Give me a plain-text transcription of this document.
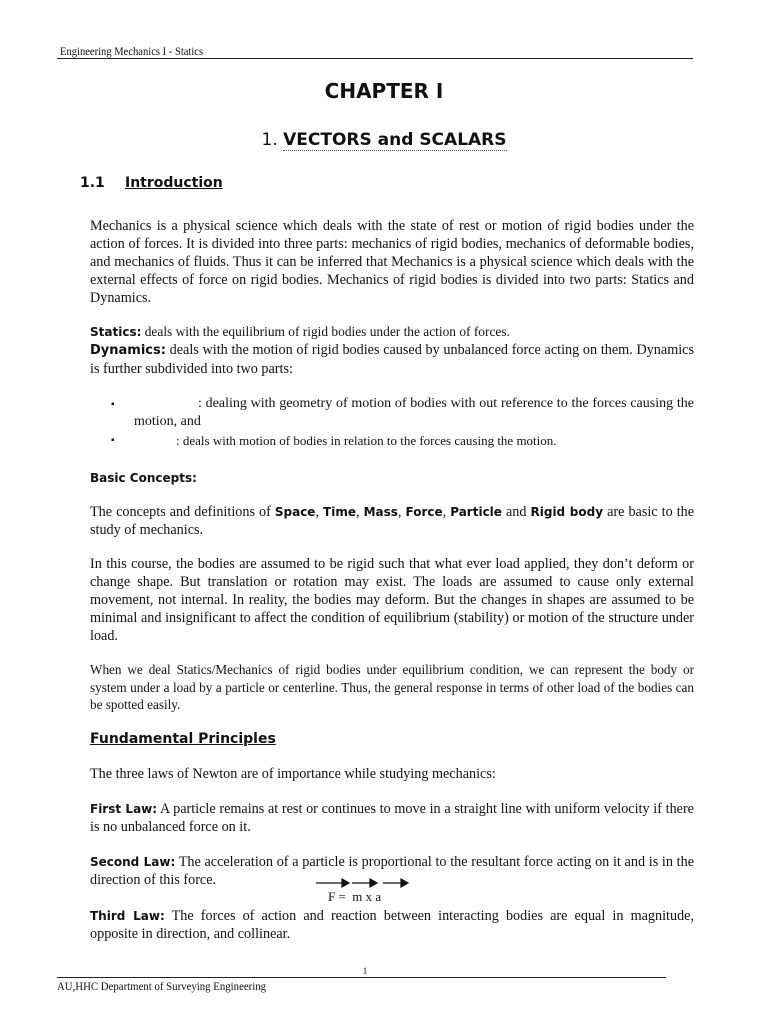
Engineering Mechanics I - Statics
CHAPTER I
1. VECTORS and SCALARS
1.1 Introduction
Mechanics is a physical science which deals with the state of rest or motion of rigid bodies under the action of forces. It is divided into three parts: mechanics of rigid bodies, mechanics of deformable bodies, and mechanics of fluids. Thus it can be inferred that Mechanics is a physical science which deals with the external effects of force on rigid bodies. Mechanics of rigid bodies is divided into two parts: Statics and Dynamics.
Statics: deals with the equilibrium of rigid bodies under the action of forces.
Dynamics: deals with the motion of rigid bodies caused by unbalanced force acting on them. Dynamics is further subdivided into two parts:
▪	: dealing with geometry of motion of bodies with out reference to the forces causing the motion, and
▪	: deals with motion of bodies in relation to the forces causing the motion.
Basic Concepts:
The concepts and definitions of Space, Time, Mass, Force, Particle and Rigid body are basic to the study of mechanics.
In this course, the bodies are assumed to be rigid such that what ever load applied, they don’t deform or change shape. But translation or rotation may exist. The loads are assumed to cause only external movement, not internal. In reality, the bodies may deform. But the changes in shapes are assumed to be minimal and insignificant to affect the condition of equilibrium (stability) or motion of the structure under load.
When we deal Statics/Mechanics of rigid bodies under equilibrium condition, we can represent the body or system under a load by a particle or centerline. Thus, the general response in terms of other load of the bodies can be spotted easily.
Fundamental Principles
The three laws of Newton are of importance while studying mechanics:
First Law: A particle remains at rest or continues to move in a straight line with uniform velocity if there is no unbalanced force on it.
Second Law: The acceleration of a particle is proportional to the resultant force acting on it and is in the direction of this force.
F =  m x a
Third Law: The forces of action and reaction between interacting bodies are equal in magnitude, opposite in direction, and collinear.
1
AU,HHC Department of Surveying Engineering
